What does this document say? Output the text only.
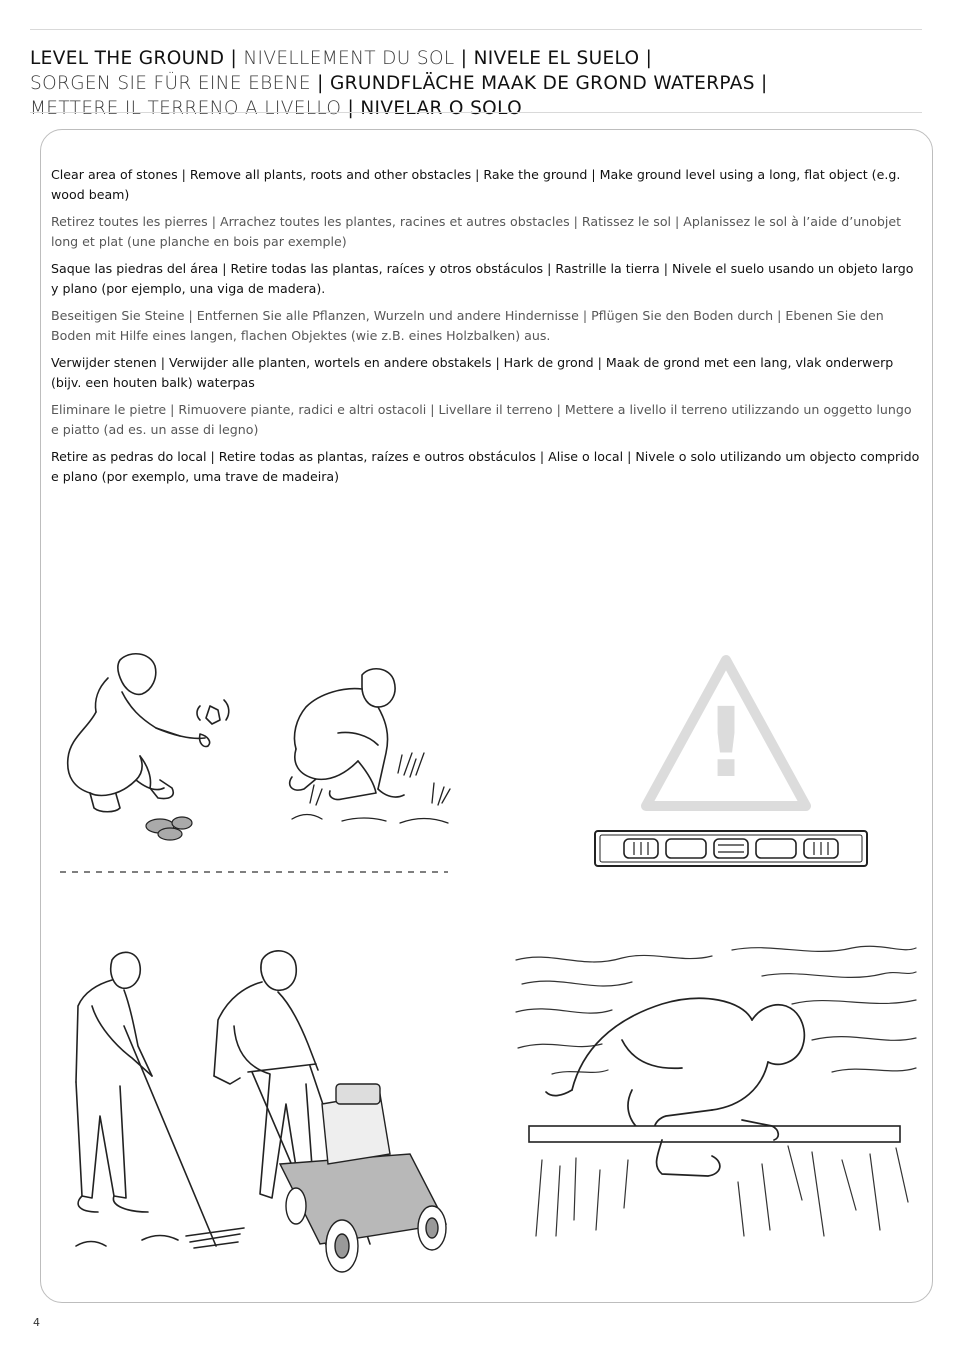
LEVEL THE GROUND | NIVELLEMENT DU SOL | NIVELE EL SUELO | SORGEN SIE FÜR EINE EBENE | GRUNDFLÄCHE MAAK DE GROND WATERPAS | METTERE IL TERRENO A LIVELLO | NIVELAR O SOLO

Clear area of stones | Remove all plants, roots and other obstacles | Rake the ground | Make ground level using a long, flat object (e.g. wood beam)

Retirez toutes les pierres | Arrachez toutes les plantes, racines et autres obstacles | Ratissez le sol | Aplanissez le sol à l’aide d’unobjet long et plat (une planche en bois par exemple)

Saque las piedras del área | Retire todas las plantas, raíces y otros obstáculos | Rastrille la tierra | Nivele el suelo usando un objeto largo y plano (por ejemplo, una viga de madera).

Beseitigen Sie Steine | Entfernen Sie alle Pflanzen, Wurzeln und andere Hindernisse | Pflügen Sie den Boden durch | Ebenen Sie den Boden mit Hilfe eines langen, flachen Objektes (wie z.B. eines Holzbalken) aus.

Verwijder stenen | Verwijder alle planten, wortels en andere obstakels | Hark de grond | Maak de grond met een lang, vlak onderwerp (bijv. een houten balk) waterpas

Eliminare le pietre | Rimuovere piante, radici e altri ostacoli | Livellare il terreno | Mettere a livello il terreno utilizzando un oggetto lungo e piatto (ad es. un asse di legno)

Retire as pedras do local | Retire todas as plantas, raízes e outros obstáculos | Alise o local | Nivele o solo utilizando um objecto comprido e plano (por exemplo, uma trave de madeira)

!
4
